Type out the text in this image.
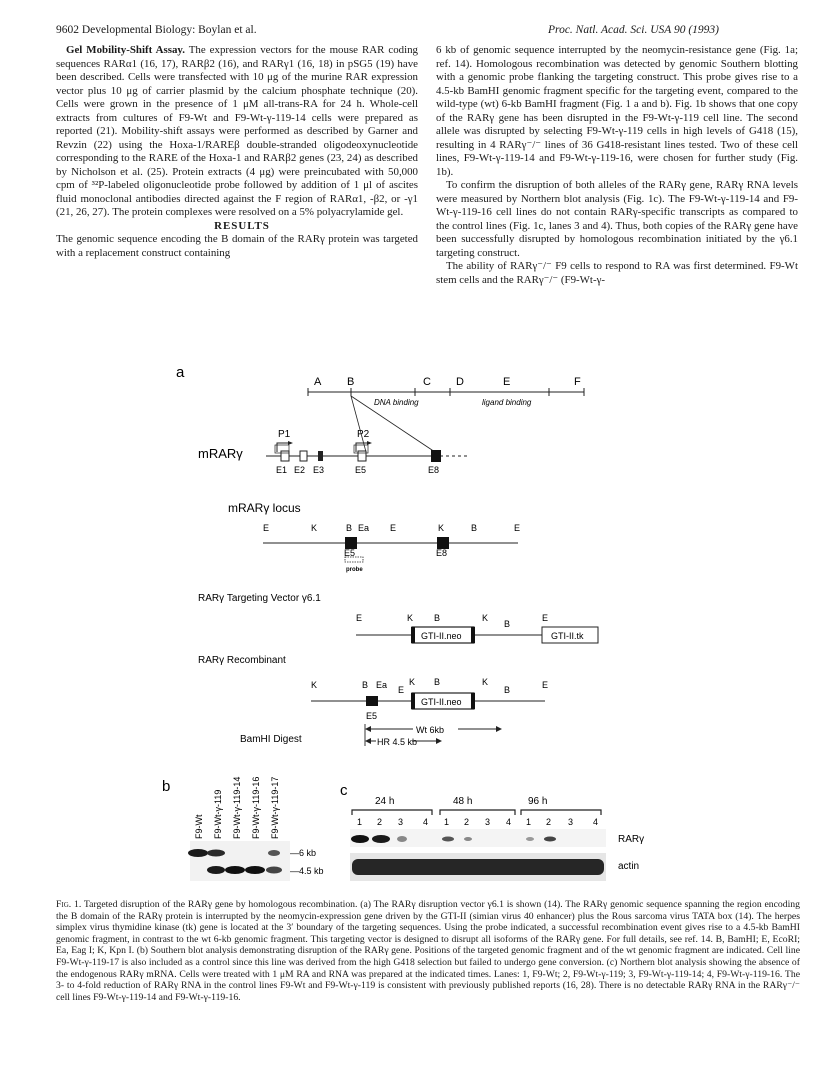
9602 Developmental Biology: Boylan et al.	Proc. Natl. Acad. Sci. USA 90 (1993)

Gel Mobility-Shift Assay. The expression vectors for the mouse RAR coding sequences RARα1 (16, 17), RARβ2 (16), and RARγ1 (16, 18) in pSG5 (19) have been described. Cells were transfected with 10 μg of the murine RAR expression vector plus 10 μg of carrier plasmid by the calcium phosphate technique (20). Cells were grown in the presence of 1 μM all-trans-RA for 24 h. Whole-cell extracts from cultures of F9-Wt and F9-Wt-γ-119-14 cells were prepared as reported (21). Mobility-shift assays were performed as described by Garner and Revzin (22) using the Hoxa-1/RAREβ double-stranded oligodeoxynucleotide corresponding to the RARE of the Hoxa-1 and RARβ2 genes (23, 24) as described by Nicholson et al. (25). Protein extracts (4 μg) were preincubated with 50,000 cpm of ³²P-labeled oligonucleotide probe followed by addition of 1 μl of ascites fluid monoclonal antibodies directed against the F region of RARα1, -β2, or -γ1 (21, 26, 27). The protein complexes were resolved on a 5% polyacrylamide gel.

RESULTS

The genomic sequence encoding the B domain of the RARγ protein was targeted with a replacement construct containing

6 kb of genomic sequence interrupted by the neomycin-resistance gene (Fig. 1a; ref. 14). Homologous recombination was detected by genomic Southern blotting with a genomic probe flanking the targeting construct. This probe gives rise to a 4.5-kb BamHI genomic fragment specific for the targeting event, compared to the wild-type (wt) 6-kb BamHI fragment (Fig. 1 a and b). Fig. 1b shows that one copy of the RARγ gene has been disrupted in the F9-Wt-γ-119 cell line. The second allele was disrupted by selecting F9-Wt-γ-119 cells in high levels of G418 (15), resulting in 4 RARγ⁻/⁻ lines of 36 G418-resistant lines tested. Two of these cell lines, F9-Wt-γ-119-14 and F9-Wt-γ-119-16, were chosen for further study (Fig. 1b).

To confirm the disruption of both alleles of the RARγ gene, RARγ RNA levels were measured by Northern blot analysis (Fig. 1c). The F9-Wt-γ-119-14 and F9-Wt-γ-119-16 cell lines do not contain RARγ-specific transcripts as compared to the control lines (Fig. 1c, lanes 3 and 4). Thus, both copies of the RARγ gene have been successfully disrupted by homologous recombination initiated by the γ6.1 targeting construct.

The ability of RARγ⁻/⁻ F9 cells to respond to RA was first determined. F9-Wt stem cells and the RARγ⁻/⁻ (F9-Wt-γ-

a
A B	C D	E	F
DNA binding	ligand binding
mRARγ
P1	P2
E1 E2 E3	E5	E8
mRARγ locus
E	K	B Ea E	K	B	E
E5	E8
probe
RARγ Targeting Vector γ6.1
E	K B	K
B
E
GTI-II.neo	GTI-II.tk
RARγ Recombinant
K	B Ea E
K B	K
B	E
E5
GTI-II.neo
BamHI Digest
Wt 6kb
HR 4.5 kb
b
F9-Wt F9-Wt-γ-119 F9-Wt-γ-119-14 F9-Wt-γ-119-16 F9-Wt-γ-119-17
—6 kb
—4.5 kb
c
24 h	48 h	96 h
1 2 3 4 1 2 3 4 1 2 3 4
RARγ
actin
Fig. 1. Targeted disruption of the RARγ gene by homologous recombination. (a) The RARγ disruption vector γ6.1 is shown (14). The RARγ genomic sequence spanning the region encoding the B domain of the RARγ protein is interrupted by the neomycin-expression gene driven by the GTI-II (simian virus 40 enhancer) plus the Rous sarcoma virus TATA box (14). The herpes simplex virus thymidine kinase (tk) gene is located at the 3′ boundary of the targeting sequences. Using the probe indicated, a successful recombination event gives rise to a 4.5-kb BamHI genomic fragment, in contrast to the wt 6-kb genomic fragment. This targeting vector is designed to disrupt all isoforms of the RARγ gene. For full details, see ref. 14. B, BamHI; E, EcoRI; Ea, Eag I; K, Kpn I. (b) Southern blot analysis demonstrating disruption of the RARγ gene. Positions of the targeted genomic fragment and of the wt genomic fragment are indicated. Cell line F9-Wt-γ-119-17 is also included as a control since this line was derived from the high G418 selection but failed to undergo gene conversion. (c) Northern blot analysis showing the absence of the endogenous RARγ mRNA. Cells were treated with 1 μM RA and RNA was prepared at the indicated times. Lanes: 1, F9-Wt; 2, F9-Wt-γ-119; 3, F9-Wt-γ-119-14; 4, F9-Wt-γ-119-16. The 3- to 4-fold reduction of RARγ RNA in the control lines F9-Wt and F9-Wt-γ-119 is consistent with previously published reports (16, 28). There is no detectable RARγ RNA in the RARγ⁻/⁻ cell lines F9-Wt-γ-119-14 and F9-Wt-γ-119-16.
